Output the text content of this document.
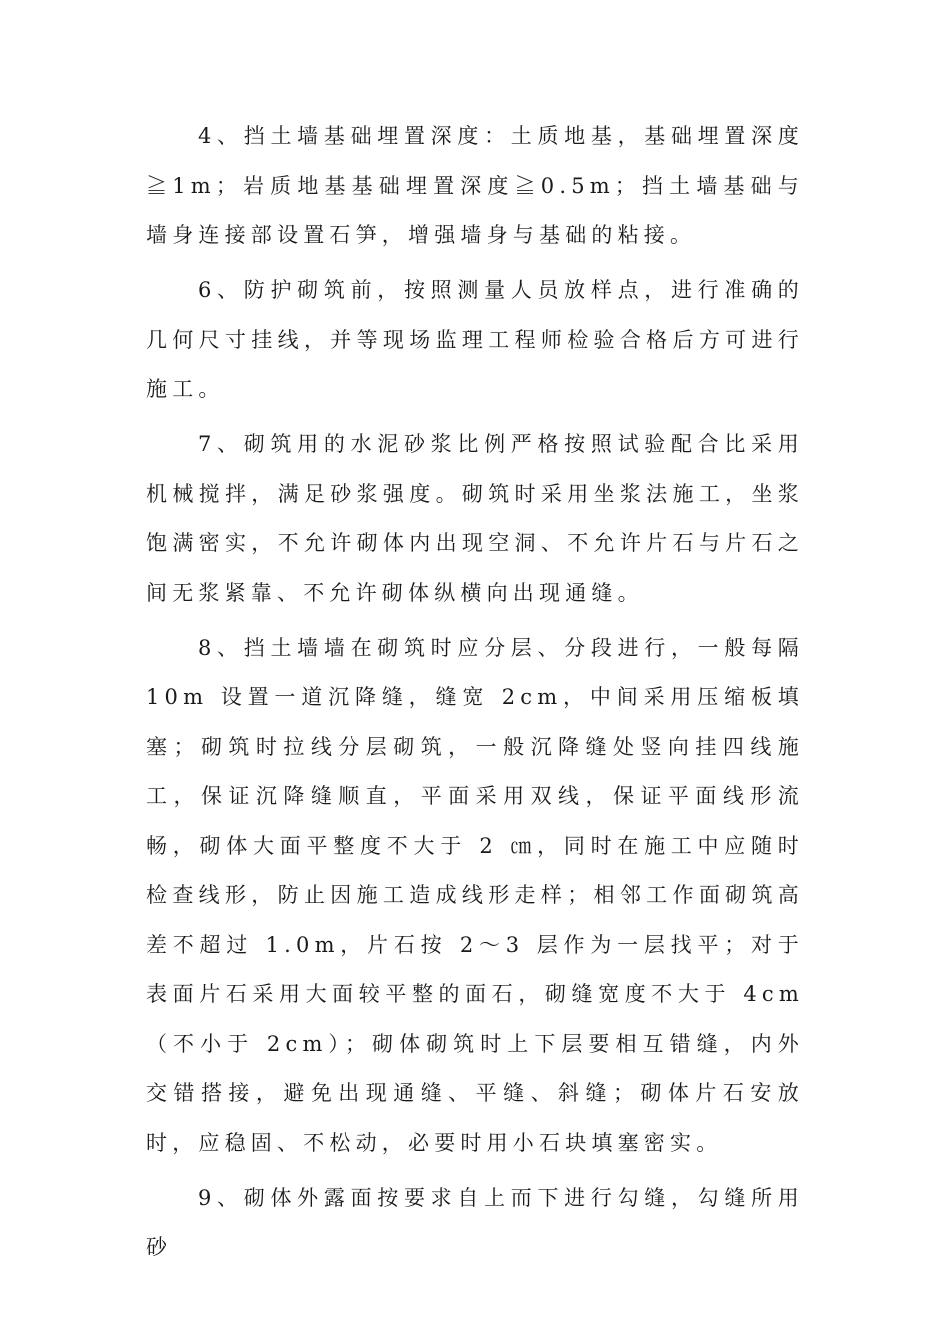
4、挡土墙基础埋置深度：土质地基，基础埋置深度≧1m；岩质地基基础埋置深度≧0.5m；挡土墙基础与墙身连接部设置石笋，增强墙身与基础的粘接。

6、防护砌筑前，按照测量人员放样点，进行准确的几何尺寸挂线，并等现场监理工程师检验合格后方可进行施工。

7、砌筑用的水泥砂浆比例严格按照试验配合比采用机械搅拌，满足砂浆强度。砌筑时采用坐浆法施工，坐浆饱满密实，不允许砌体内出现空洞、不允许片石与片石之间无浆紧靠、不允许砌体纵横向出现通缝。

8、挡土墙墙在砌筑时应分层、分段进行，一般每隔 10m 设置一道沉降缝，缝宽 2cm，中间采用压缩板填塞；砌筑时拉线分层砌筑，一般沉降缝处竖向挂四线施工，保证沉降缝顺直，平面采用双线，保证平面线形流畅，砌体大面平整度不大于 2 ㎝，同时在施工中应随时检查线形，防止因施工造成线形走样；相邻工作面砌筑高差不超过 1.0m，片石按 2～3 层作为一层找平；对于表面片石采用大面较平整的面石，砌缝宽度不大于 4cm（不小于 2cm）；砌体砌筑时上下层要相互错缝，内外交错搭接，避免出现通缝、平缝、斜缝；砌体片石安放时，应稳固、不松动，必要时用小石块填塞密实。

9、砌体外露面按要求自上而下进行勾缝，勾缝所用砂
